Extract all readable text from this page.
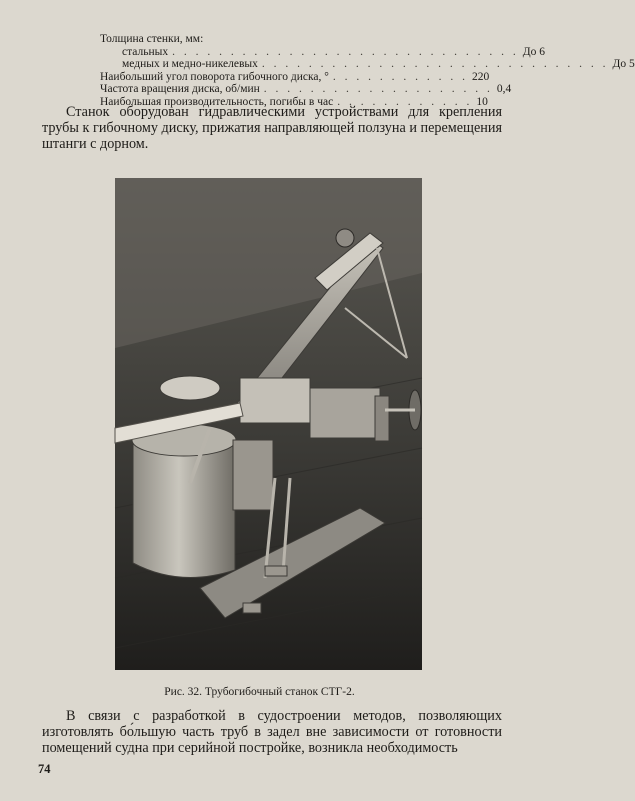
Толщина стенки, мм:
стальных . . . . . . . . . . . . . . . . . . . . . . . . . . . . . . До 6
медных и медно-никелевых . . . . . . . . . . . . . . . . . . . . . . . . . . . . . . До 5
Наибольший угол поворота гибочного диска, ° . . . . . . . . . . . . 220
Частота вращения диска, об/мин . . . . . . . . . . . . . . . . . . . . 0,4
Наибольшая производительность, погибы в час . . . . . . . . . . . . 10

Станок оборудован гидравлическими устройствами для крепления трубы к гибочному диску, прижатия направляющей ползуна и перемещения штанги с дорном.

Рис. 32. Трубогибочный станок СТГ-2.

В связи с разработкой в судостроении методов, позволяющих изготовлять бо́льшую часть труб в задел вне зависимости от готовности помещений судна при серийной постройке, возникла необходимость

74
